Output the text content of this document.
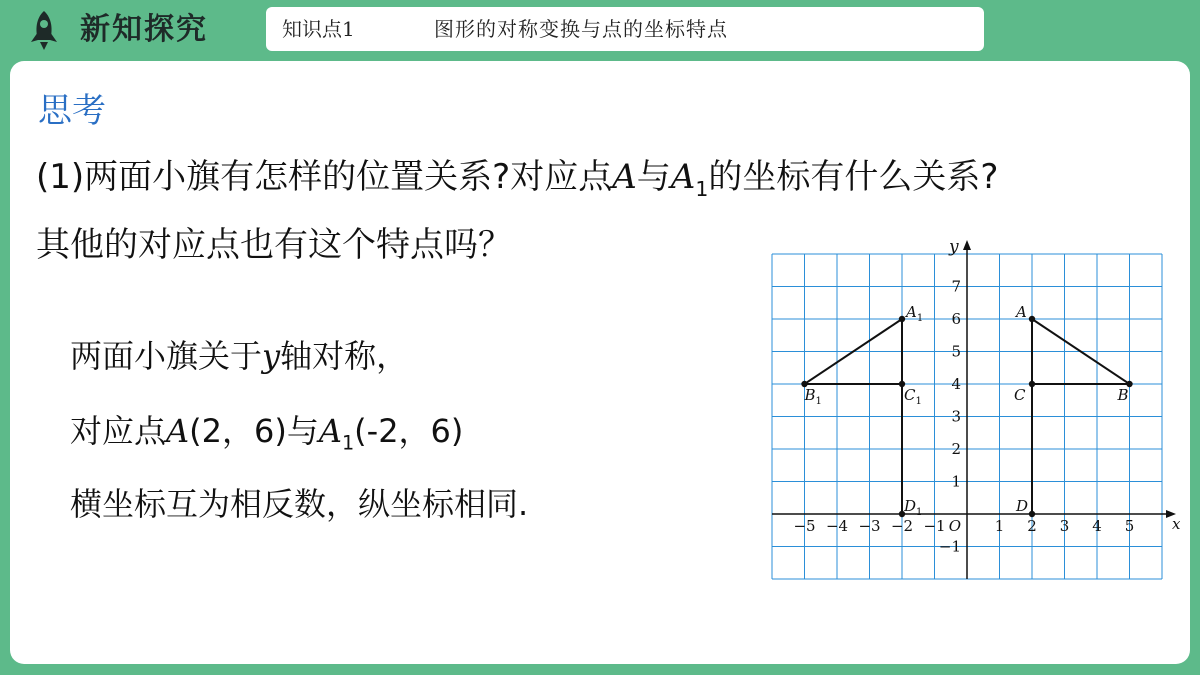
新知探究	知识点1	图形的对称变换与点的坐标特点
思考
(1)两面小旗有怎样的位置关系?对应点A与$A_1$的坐标有什么关系?
其他的对应点也有这个特点吗？
两面小旗关于y轴对称，
对应点A(2，6)与$A_1(-2$，6)
横坐标互为相反数，纵坐标相同.
−5 −4 −3 −2 −1	1 2 3 4 5
7
6
5
4
3
2
1
−1
O	x
y
A
B
C
D
$A_1$
$B_1$	$C_1$
$D_1$
